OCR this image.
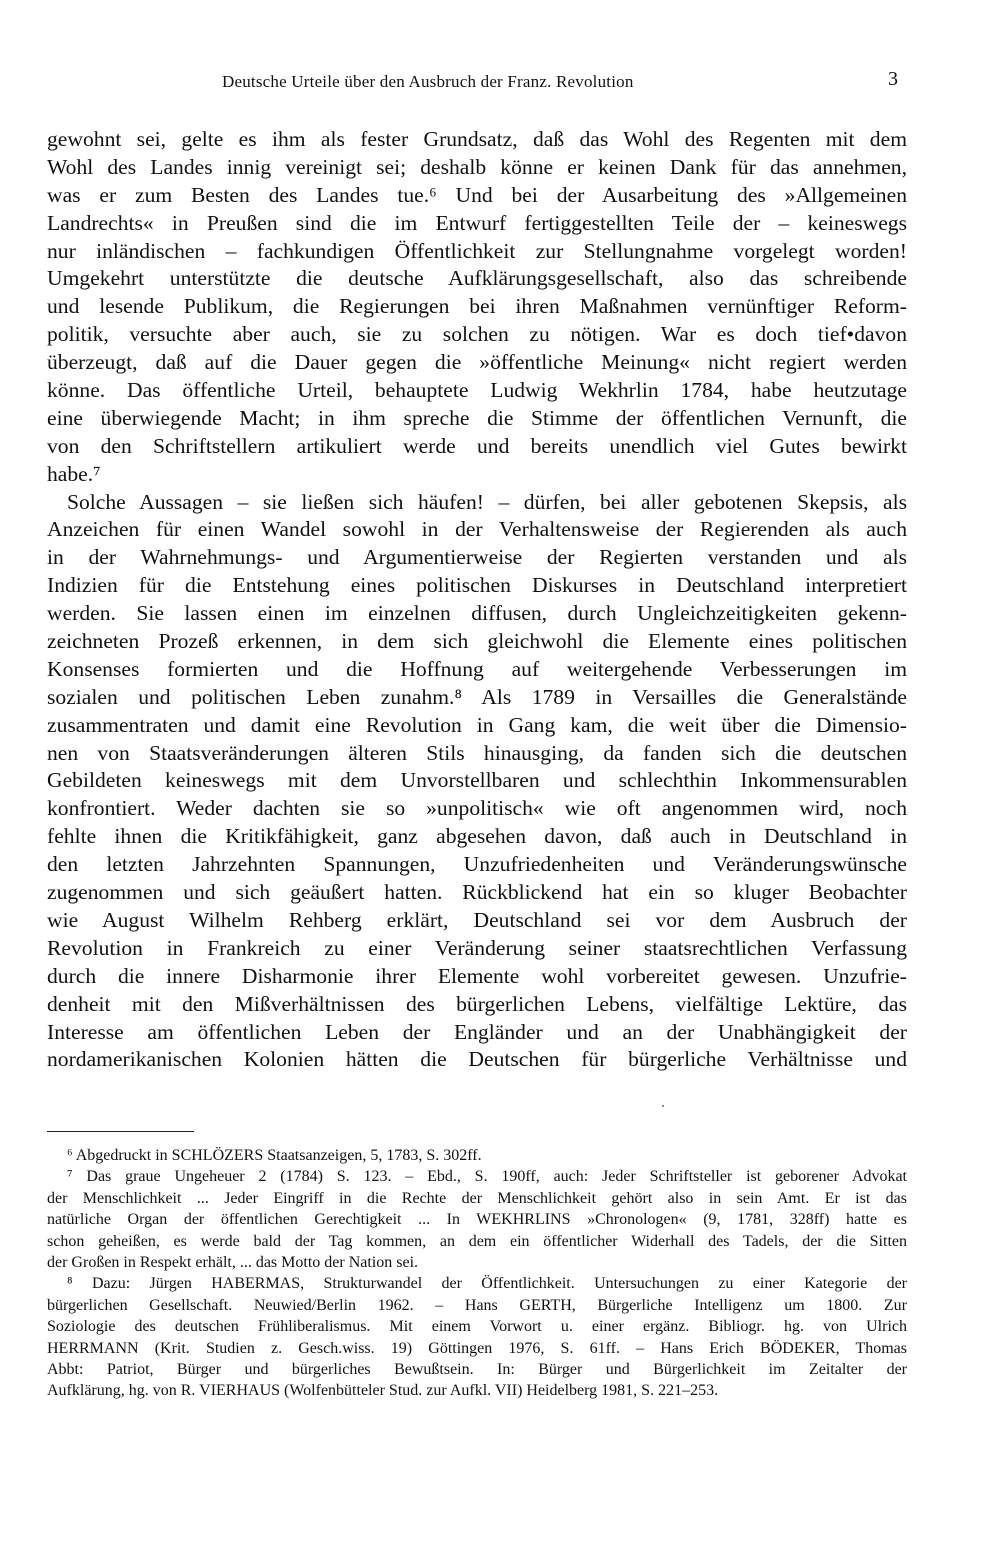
Deutsche Urteile über den Ausbruch der Franz. Revolution	3
gewohnt sei, gelte es ihm als fester Grundsatz, daß das Wohl des Regenten mit dem
Wohl des Landes innig vereinigt sei; deshalb könne er keinen Dank für das annehmen,
was er zum Besten des Landes tue.⁶ Und bei der Ausarbeitung des »Allgemeinen
Landrechts« in Preußen sind die im Entwurf fertiggestellten Teile der – keineswegs
nur inländischen – fachkundigen Öffentlichkeit zur Stellungnahme vorgelegt worden!
Umgekehrt unterstützte die deutsche Aufklärungsgesellschaft, also das schreibende
und lesende Publikum, die Regierungen bei ihren Maßnahmen vernünftiger Reform-
politik, versuchte aber auch, sie zu solchen zu nötigen. War es doch tief•davon
überzeugt, daß auf die Dauer gegen die »öffentliche Meinung« nicht regiert werden
könne. Das öffentliche Urteil, behauptete Ludwig Wekhrlin 1784, habe heutzutage
eine überwiegende Macht; in ihm spreche die Stimme der öffentlichen Vernunft, die
von den Schriftstellern artikuliert werde und bereits unendlich viel Gutes bewirkt
habe.⁷
Solche Aussagen – sie ließen sich häufen! – dürfen, bei aller gebotenen Skepsis, als
Anzeichen für einen Wandel sowohl in der Verhaltensweise der Regierenden als auch
in der Wahrnehmungs- und Argumentierweise der Regierten verstanden und als
Indizien für die Entstehung eines politischen Diskurses in Deutschland interpretiert
werden. Sie lassen einen im einzelnen diffusen, durch Ungleichzeitigkeiten gekenn-
zeichneten Prozeß erkennen, in dem sich gleichwohl die Elemente eines politischen
Konsenses formierten und die Hoffnung auf weitergehende Verbesserungen im
sozialen und politischen Leben zunahm.⁸ Als 1789 in Versailles die Generalstände
zusammentraten und damit eine Revolution in Gang kam, die weit über die Dimensio-
nen von Staatsveränderungen älteren Stils hinausging, da fanden sich die deutschen
Gebildeten keineswegs mit dem Unvorstellbaren und schlechthin Inkommensurablen
konfrontiert. Weder dachten sie so »unpolitisch« wie oft angenommen wird, noch
fehlte ihnen die Kritikfähigkeit, ganz abgesehen davon, daß auch in Deutschland in
den letzten Jahrzehnten Spannungen, Unzufriedenheiten und Veränderungswünsche
zugenommen und sich geäußert hatten. Rückblickend hat ein so kluger Beobachter
wie August Wilhelm Rehberg erklärt, Deutschland sei vor dem Ausbruch der
Revolution in Frankreich zu einer Veränderung seiner staatsrechtlichen Verfassung
durch die innere Disharmonie ihrer Elemente wohl vorbereitet gewesen. Unzufrie-
denheit mit den Mißverhältnissen des bürgerlichen Lebens, vielfältige Lektüre, das
Interesse am öffentlichen Leben der Engländer und an der Unabhängigkeit der
nordamerikanischen Kolonien hätten die Deutschen für bürgerliche Verhältnisse und
⁶ Abgedruckt in SCHLÖZERS Staatsanzeigen, 5, 1783, S. 302ff.
⁷ Das graue Ungeheuer 2 (1784) S. 123. – Ebd., S. 190ff, auch: Jeder Schriftsteller ist geborener Advokat
der Menschlichkeit ... Jeder Eingriff in die Rechte der Menschlichkeit gehört also in sein Amt. Er ist das
natürliche Organ der öffentlichen Gerechtigkeit ... In WEKHRLINS »Chronologen« (9, 1781, 328ff) hatte es
schon geheißen, es werde bald der Tag kommen, an dem ein öffentlicher Widerhall des Tadels, der die Sitten
der Großen in Respekt erhält, ... das Motto der Nation sei.
⁸ Dazu: Jürgen HABERMAS, Strukturwandel der Öffentlichkeit. Untersuchungen zu einer Kategorie der
bürgerlichen Gesellschaft. Neuwied/Berlin 1962. – Hans GERTH, Bürgerliche Intelligenz um 1800. Zur
Soziologie des deutschen Frühliberalismus. Mit einem Vorwort u. einer ergänz. Bibliogr. hg. von Ulrich
HERRMANN (Krit. Studien z. Gesch.wiss. 19) Göttingen 1976, S. 61ff. – Hans Erich BÖDEKER, Thomas
Abbt: Patriot, Bürger und bürgerliches Bewußtsein. In: Bürger und Bürgerlichkeit im Zeitalter der
Aufklärung, hg. von R. VIERHAUS (Wolfenbütteler Stud. zur Aufkl. VII) Heidelberg 1981, S. 221–253.
